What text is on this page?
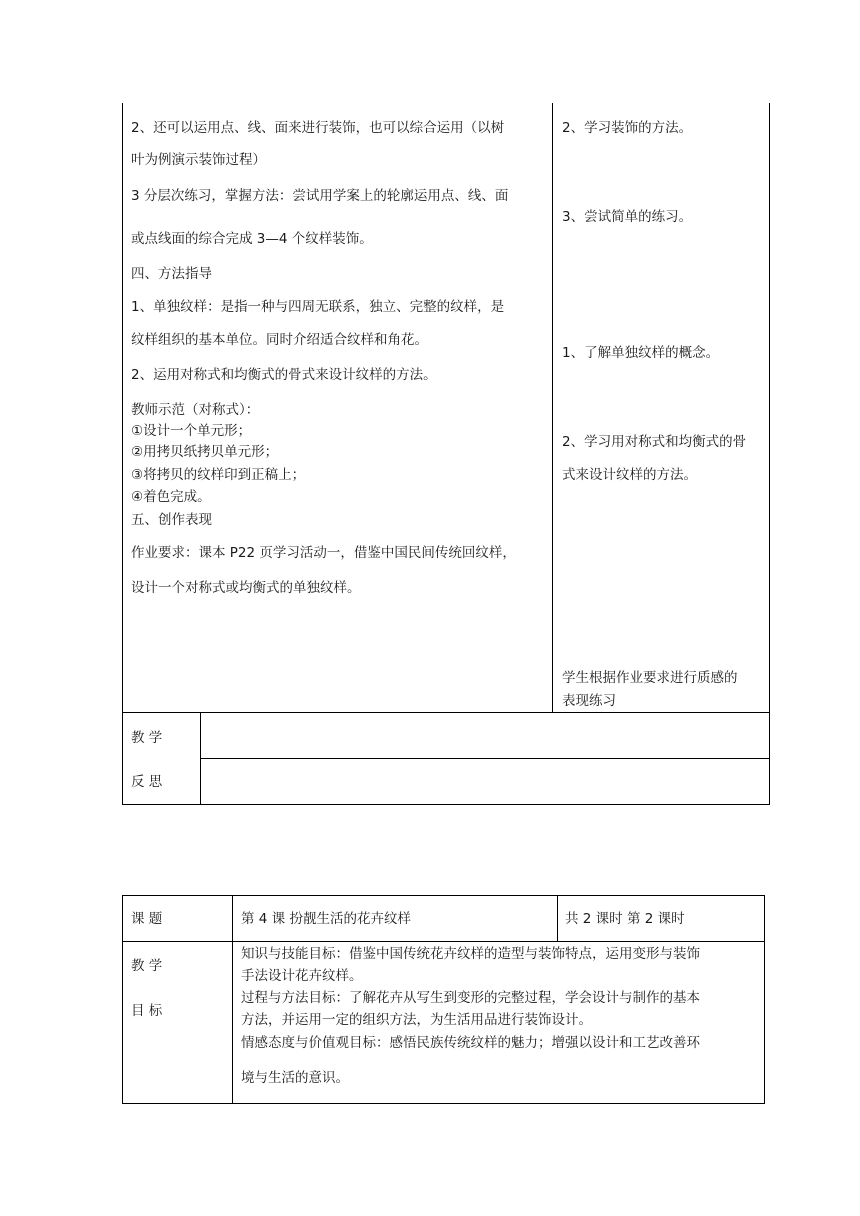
2、还可以运用点、线、面来进行装饰，也可以综合运用（以树
叶为例演示装饰过程）
3 分层次练习，掌握方法：尝试用学案上的轮廓运用点、线、面
或点线面的综合完成 3—4 个纹样装饰。
四、方法指导
1、单独纹样：是指一种与四周无联系，独立、完整的纹样，是
纹样组织的基本单位。同时介绍适合纹样和角花。
2、运用对称式和均衡式的骨式来设计纹样的方法。
教师示范（对称式）：
①设计一个单元形；
②用拷贝纸拷贝单元形；
③将拷贝的纹样印到正稿上；
④着色完成。
五、创作表现
作业要求：课本 P22 页学习活动一，借鉴中国民间传统回纹样，
设计一个对称式或均衡式的单独纹样。
2、学习装饰的方法。
3、尝试简单的练习。
1、了解单独纹样的概念。
2、学习用对称式和均衡式的骨
式来设计纹样的方法。
学生根据作业要求进行质感的
表现练习
教 学
反 思
课 题	第 4 课 扮靓生活的花卉纹样	共 2 课时 第 2 课时
教 学
目 标
知识与技能目标：借鉴中国传统花卉纹样的造型与装饰特点，运用变形与装饰
手法设计花卉纹样。
过程与方法目标：了解花卉从写生到变形的完整过程，学会设计与制作的基本
方法，并运用一定的组织方法，为生活用品进行装饰设计。
情感态度与价值观目标：感悟民族传统纹样的魅力；增强以设计和工艺改善环
境与生活的意识。
